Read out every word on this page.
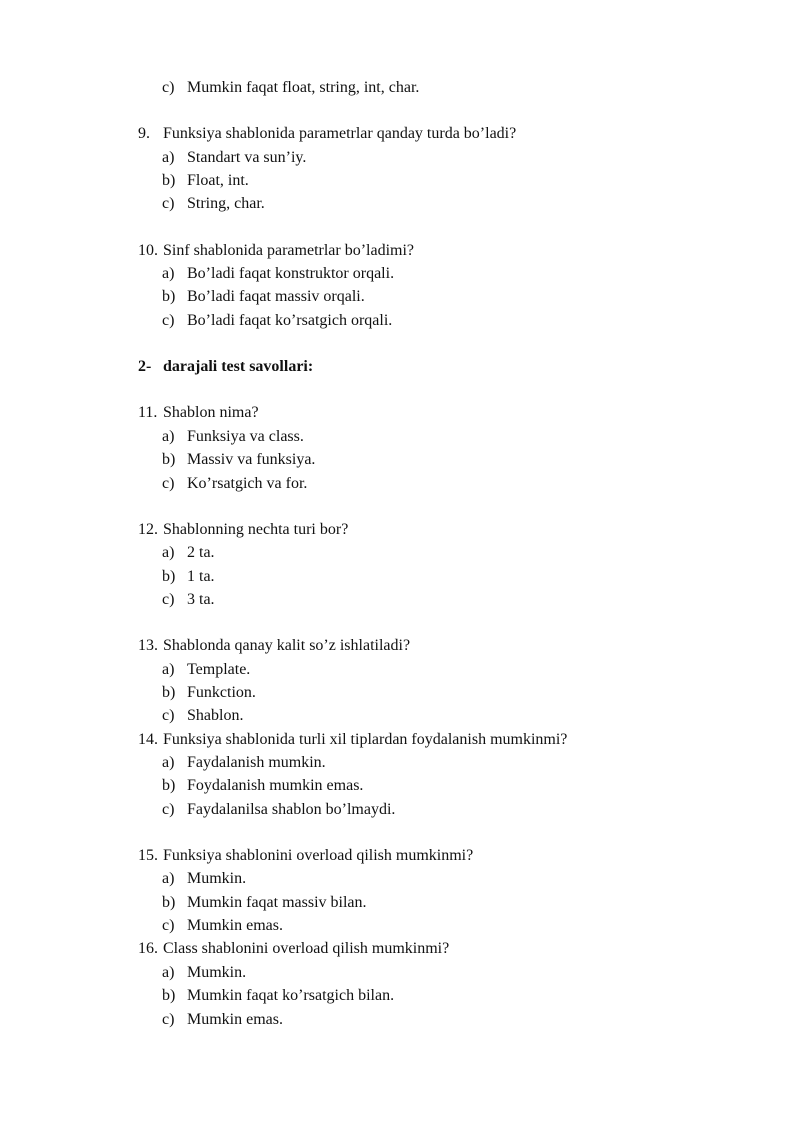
c) Mumkin faqat float, string, int, char.
9. Funksiya shablonida parametrlar qanday turda bo’ladi?
a) Standart va sun’iy.
b) Float, int.
c) String, char.
10. Sinf shablonida parametrlar bo’ladimi?
a) Bo’ladi faqat konstruktor orqali.
b) Bo’ladi faqat massiv orqali.
c) Bo’ladi faqat ko’rsatgich orqali.
2- darajali test savollari:
11. Shablon nima?
a) Funksiya va class.
b) Massiv va funksiya.
c) Ko’rsatgich va for.
12. Shablonning nechta turi bor?
a) 2 ta.
b) 1 ta.
c) 3 ta.
13. Shablonda qanay kalit so’z ishlatiladi?
a) Template.
b) Funkction.
c) Shablon.
14. Funksiya shablonida turli xil tiplardan foydalanish mumkinmi?
a) Faydalanish mumkin.
b) Foydalanish mumkin emas.
c) Faydalanilsa shablon bo’lmaydi.
15. Funksiya shablonini overload qilish mumkinmi?
a) Mumkin.
b) Mumkin faqat massiv bilan.
c) Mumkin emas.
16. Class shablonini overload qilish mumkinmi?
a) Mumkin.
b) Mumkin faqat ko’rsatgich bilan.
c) Mumkin emas.
